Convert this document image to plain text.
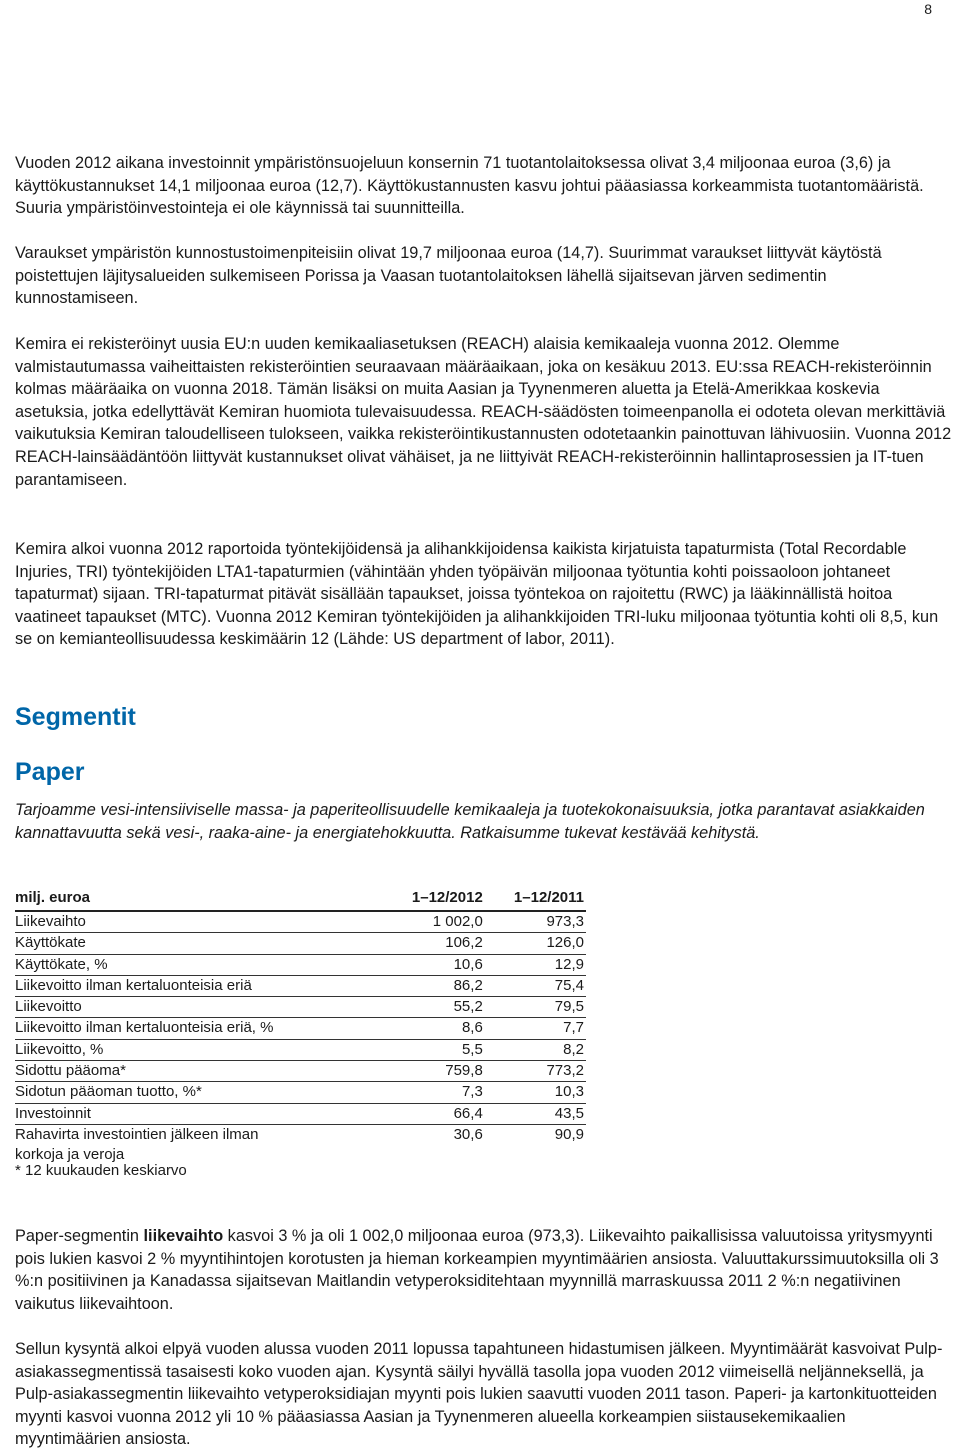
8

Vuoden 2012 aikana investoinnit ympäristönsuojeluun konsernin 71 tuotantolaitoksessa olivat 3,4 miljoonaa euroa (3,6) ja käyttökustannukset 14,1 miljoonaa euroa (12,7). Käyttökustannusten kasvu johtui pääasiassa korkeammista tuotantomääristä. Suuria ympäristöinvestointeja ei ole käynnissä tai suunnitteilla.

Varaukset ympäristön kunnostustoimenpiteisiin olivat 19,7 miljoonaa euroa (14,7). Suurimmat varaukset liittyvät käytöstä poistettujen läjitysalueiden sulkemiseen Porissa ja Vaasan tuotantolaitoksen lähellä sijaitsevan järven sedimentin kunnostamiseen.

Kemira ei rekisteröinyt uusia EU:n uuden kemikaaliasetuksen (REACH) alaisia kemikaaleja vuonna 2012. Olemme valmistautumassa vaiheittaisten rekisteröintien seuraavaan määräaikaan, joka on kesäkuu 2013. EU:ssa REACH-rekisteröinnin kolmas määräaika on vuonna 2018. Tämän lisäksi on muita Aasian ja Tyynenmeren aluetta ja Etelä-Amerikkaa koskevia asetuksia, jotka edellyttävät Kemiran huomiota tulevaisuudessa. REACH-säädösten toimeenpanolla ei odoteta olevan merkittäviä vaikutuksia Kemiran taloudelliseen tulokseen, vaikka rekisteröintikustannusten odotetaankin painottuvan lähivuosiin. Vuonna 2012 REACH-lainsäädäntöön liittyvät kustannukset olivat vähäiset, ja ne liittyivät REACH-rekisteröinnin hallintaprosessien ja IT-tuen parantamiseen.

Kemira alkoi vuonna 2012 raportoida työntekijöidensä ja alihankkijoidensa kaikista kirjatuista tapaturmista (Total Recordable Injuries, TRI) työntekijöiden LTA1-tapaturmien (vähintään yhden työpäivän miljoonaa työtuntia kohti poissaoloon johtaneet tapaturmat) sijaan. TRI-tapaturmat pitävät sisällään tapaukset, joissa työntekoa on rajoitettu (RWC) ja lääkinnällistä hoitoa vaatineet tapaukset (MTC). Vuonna 2012 Kemiran työntekijöiden ja alihankkijoiden TRI-luku miljoonaa työtuntia kohti oli 8,5, kun se on kemianteollisuudessa keskimäärin 12 (Lähde: US department of labor, 2011).

Segmentit
Paper

Tarjoamme vesi-intensiiviselle massa- ja paperiteollisuudelle kemikaaleja ja tuotekokonaisuuksia, jotka parantavat asiakkaiden kannattavuutta sekä vesi-, raaka-aine- ja energiatehokkuutta. Ratkaisumme tukevat kestävää kehitystä.

milj. euroa	1–12/2012	1–12/2011
Liikevaihto	1 002,0	973,3
Käyttökate	106,2	126,0
Käyttökate, %	10,6	12,9
Liikevoitto ilman kertaluonteisia eriä	86,2	75,4
Liikevoitto	55,2	79,5
Liikevoitto ilman kertaluonteisia eriä, %	8,6	7,7
Liikevoitto, %	5,5	8,2
Sidottu pääoma*	759,8	773,2
Sidotun pääoman tuotto, %*	7,3	10,3
Investoinnit	66,4	43,5
Rahavirta investointien jälkeen ilman korkoja ja veroja	30,6	90,9
* 12 kuukauden keskiarvo

Paper-segmentin liikevaihto kasvoi 3 % ja oli 1 002,0 miljoonaa euroa (973,3). Liikevaihto paikallisissa valuutoissa yritysmyynti pois lukien kasvoi 2 % myyntihintojen korotusten ja hieman korkeampien myyntimäärien ansiosta. Valuuttakurssimuutoksilla oli 3 %:n positiivinen ja Kanadassa sijaitsevan Maitlandin vetyperoksiditehtaan myynnillä marraskuussa 2011 2 %:n negatiivinen vaikutus liikevaihtoon.

Sellun kysyntä alkoi elpyä vuoden alussa vuoden 2011 lopussa tapahtuneen hidastumisen jälkeen. Myyntimäärät kasvoivat Pulp-asiakassegmentissä tasaisesti koko vuoden ajan. Kysyntä säilyi hyvällä tasolla jopa vuoden 2012 viimeisellä neljänneksellä, ja Pulp-asiakassegmentin liikevaihto vetyperoksidiajan myynti pois lukien saavutti vuoden 2011 tason. Paperi- ja kartonkituotteiden myynti kasvoi vuonna 2012 yli 10 % pääasiassa Aasian ja Tyynenmeren alueella korkeampien siistausekemikaalien myyntimäärien ansiosta.
